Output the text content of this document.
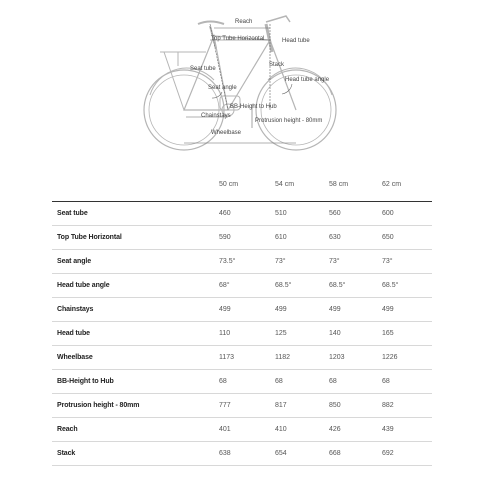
Reach
Top Tube Horizontal	Head tube
Seat tube
Stack
Head tube angle
Seat angle
BB-Height to Hub
Chainstays
Protrusion height - 80mm
Wheelbase
50 cm	54 cm	58 cm	62 cm
Seat tube	460	510	560	600
Top Tube Horizontal	590	610	630	650
Seat angle	73.5°	73°	73°	73°
Head tube angle	68°	68.5°	68.5°	68.5°
Chainstays	499	499	499	499
Head tube	110	125	140	165
Wheelbase	1173	1182	1203	1226
BB-Height to Hub	68	68	68	68
Protrusion height - 80mm	777	817	850	882
Reach	401	410	426	439
Stack	638	654	668	692
